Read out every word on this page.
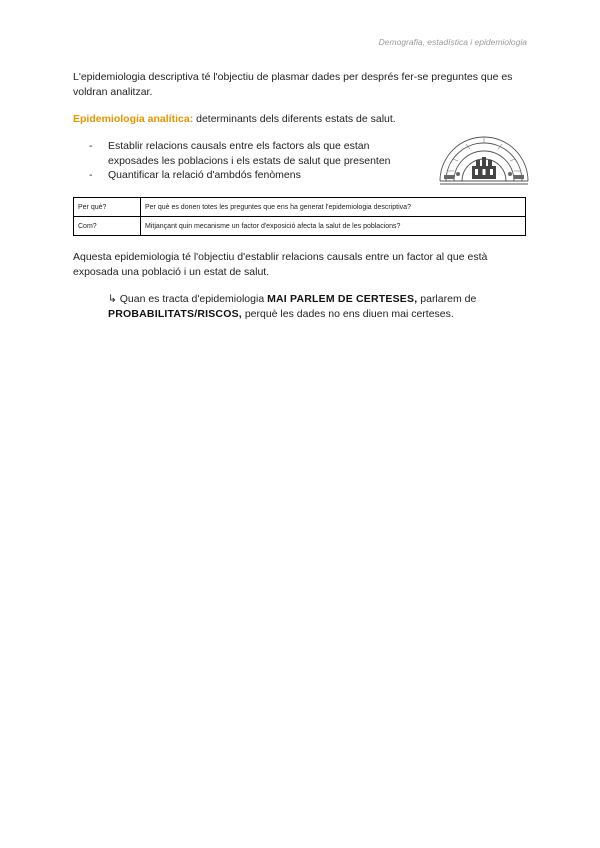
Demografia, estadística i epidemiologia
L'epidemiologia descriptiva té l'objectiu de plasmar dades per després fer-se preguntes que es voldran analitzar.
Epidemiologia analítica: determinants dels diferents estats de salut.
- Establir relacions causals entre els factors als que estan exposades les poblacions i els estats de salut que presenten
- Quantificar la relació d'ambdós fenòmens
Per què?	Per què es donen totes les preguntes que ens ha generat l'epidemiologia descriptiva?
Com?	Mitjançant quin mecanisme un factor d'exposició afecta la salut de les poblacions?
Aquesta epidemiologia té l'objectiu d'establir relacions causals entre un factor al que està exposada una població i un estat de salut.
↳ Quan es tracta d'epidemiologia MAI PARLEM DE CERTESES, parlarem de PROBABILITATS/RISCOS, perquè les dades no ens diuen mai certeses.
